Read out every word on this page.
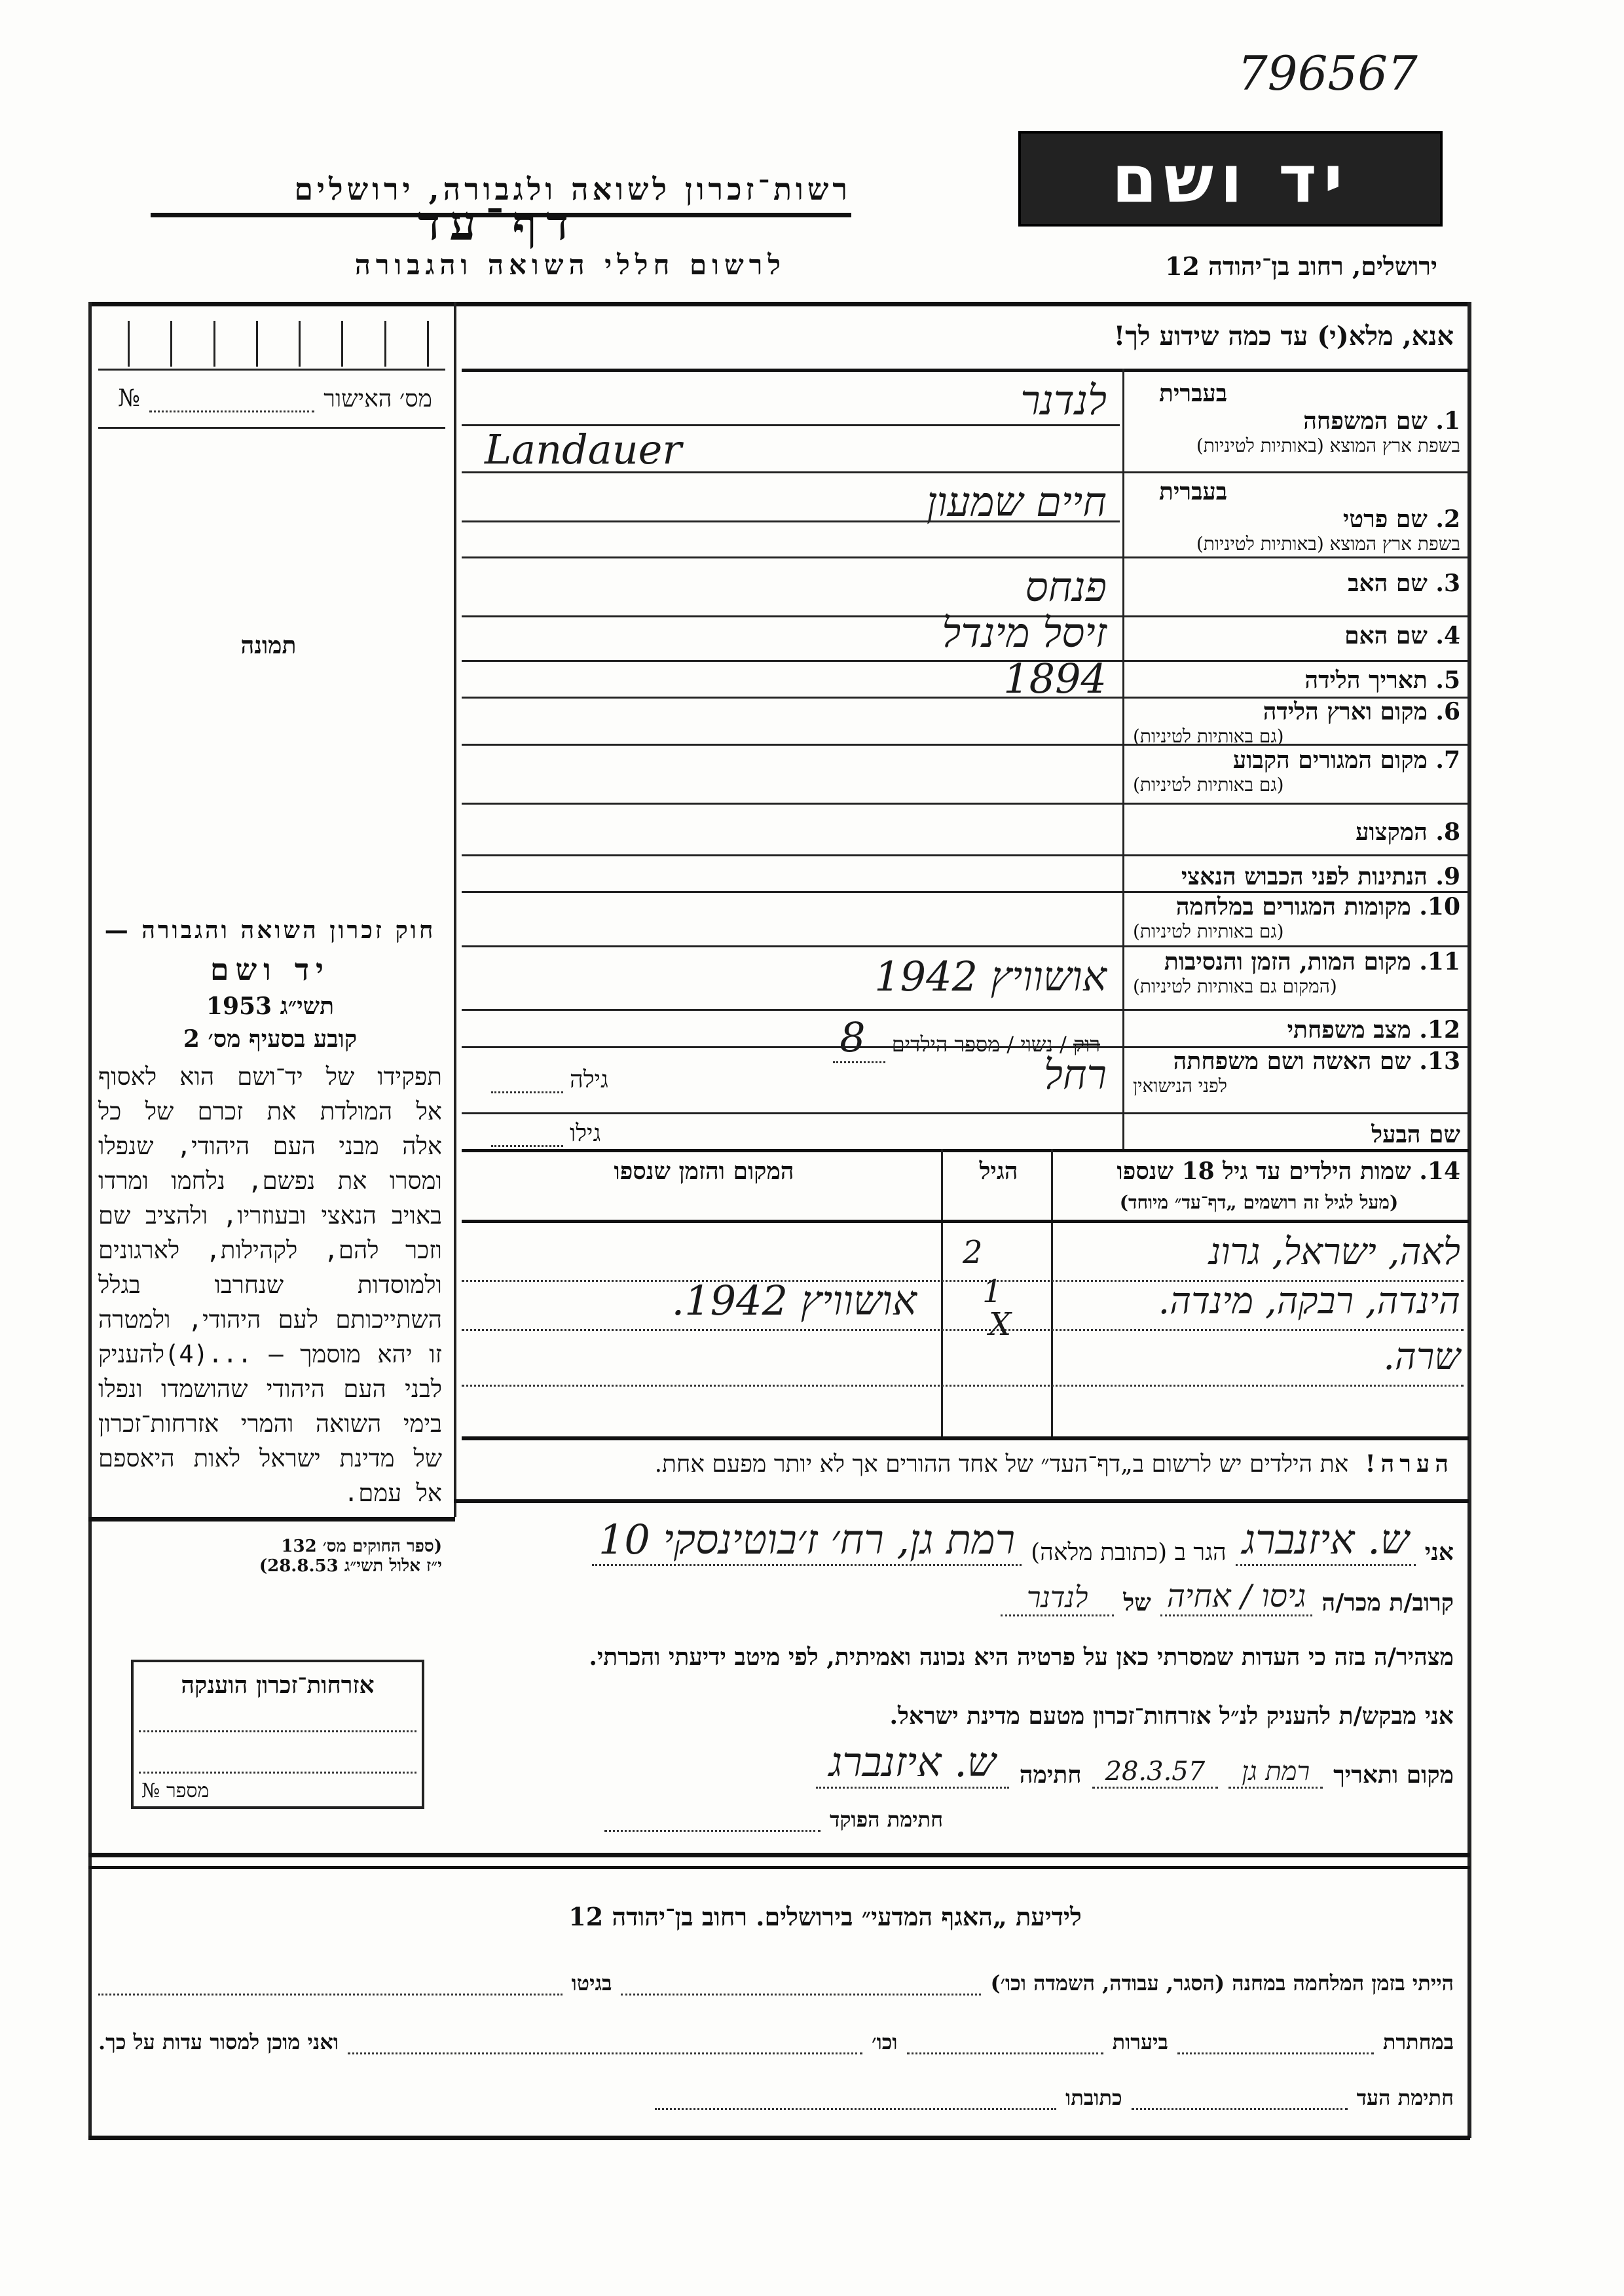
796567
רשות־זכרון לשואה ולגבורה, ירושלים
דף־עד
לרשום חללי השואה והגבורה
יד ושם
ירושלים, רחוב בן־יהודה 12
מס׳ האישור
№
תמונה
חוק זכרון השואה והגבורה —
יד ושם
תשי״ג 1953
קובע בסעיף מס׳ 2
תפקידו של יד־ושם הוא לאסוף אל המולדת את זכרם של כל אלה מבני העם היהודי, שנפלו ומסרו את נפשם, נלחמו ומרדו באויב הנאצי ובעוזריו, ולהציב שם וזכר להם, לקהילות, לארגונים ולמוסדות שנחרבו בגלל השתייכותם לעם היהודי, ולמטרה זו יהא מוסמך — ...(4)להעניק לבני העם היהודי שהושמדו ונפלו בימי השואה והמרי אזרחות־זכרון של מדינת ישראל לאות היאספם אל עמם.
(ספר החוקים מס׳ 132
י״ז אלול תשי״ג 28.8.53)
אזרחות־זכרון הוענקה
מספר №
אנא, מלא(י) עד כמה שידוע לך!
בעברית
1. שם המשפחה
בשפת ארץ המוצא (באותיות לטיניות)
לנדנר
Landauer
בעברית
2. שם פרטי
בשפת ארץ המוצא (באותיות לטיניות)
חיים שמעון
3. שם האב
פנחס
4. שם האם
זיסל מינדל
5. תאריך הלידה
1894
6. מקום וארץ הלידה
(גם באותיות לטיניות)
7. מקום המגורים הקבוע
(גם באותיות לטיניות)
8. המקצוע
9. הנתינות לפני הכבוש הנאצי
10. מקומות המגורים במלחמה
(גם באותיות לטיניות)
11. מקום המות, הזמן והנסיבות
(המקום גם באותיות לטיניות)
אושוויץ 1942
12. מצב משפחתי
רוק / נשוי / מספר הילדים 8	13. שם האשה ושם משפחתה
לפני הנישואין
רחל
גילה
שם הבעל
גילו
14. שמות הילדים עד גיל 18 שנספו
(מעל לגיל זה רושמים „דף־עד״ מיוחד)
הגיל
המקום והזמן שנספו
לאה, ישראל, גרונ
הינדה, רבקה, מינדה.
שרה.
2
1
X
אושוויץ 1942.
הערה! את הילדים יש לרשום ב„דף־העד״ של אחד ההורים אך לא יותר מפעם אחת.
אני
ש. איזנברג
הגר ב (כתובת מלאה)
רמת גן, רח׳ ז׳בוטינסקי 10
קרוב/ת מכר/ה
גיסו / אחיה
של
לנדנר
מצהיר/ה בזה כי העדות שמסרתי כאן על פרטיה היא נכונה ואמיתית, לפי מיטב ידיעתי והכרתי.
אני מבקש/ת להעניק לנ״ל אזרחות־זכרון מטעם מדינת ישראל.
מקום ותאריך
רמת גן
28.3.57
חתימה
ש. איזנברג
חתימת הפוקד
לידיעת „האגף המדעי״ בירושלים. רחוב בן־יהודה 12
הייתי בזמן המלחמה במחנה (הסגר, עבודה, השמדה וכו׳)
בגיטו
במחתרת
ביערות
וכו׳
ואני מוכן למסור עדות על כך.
חתימת העד
כתובתו
